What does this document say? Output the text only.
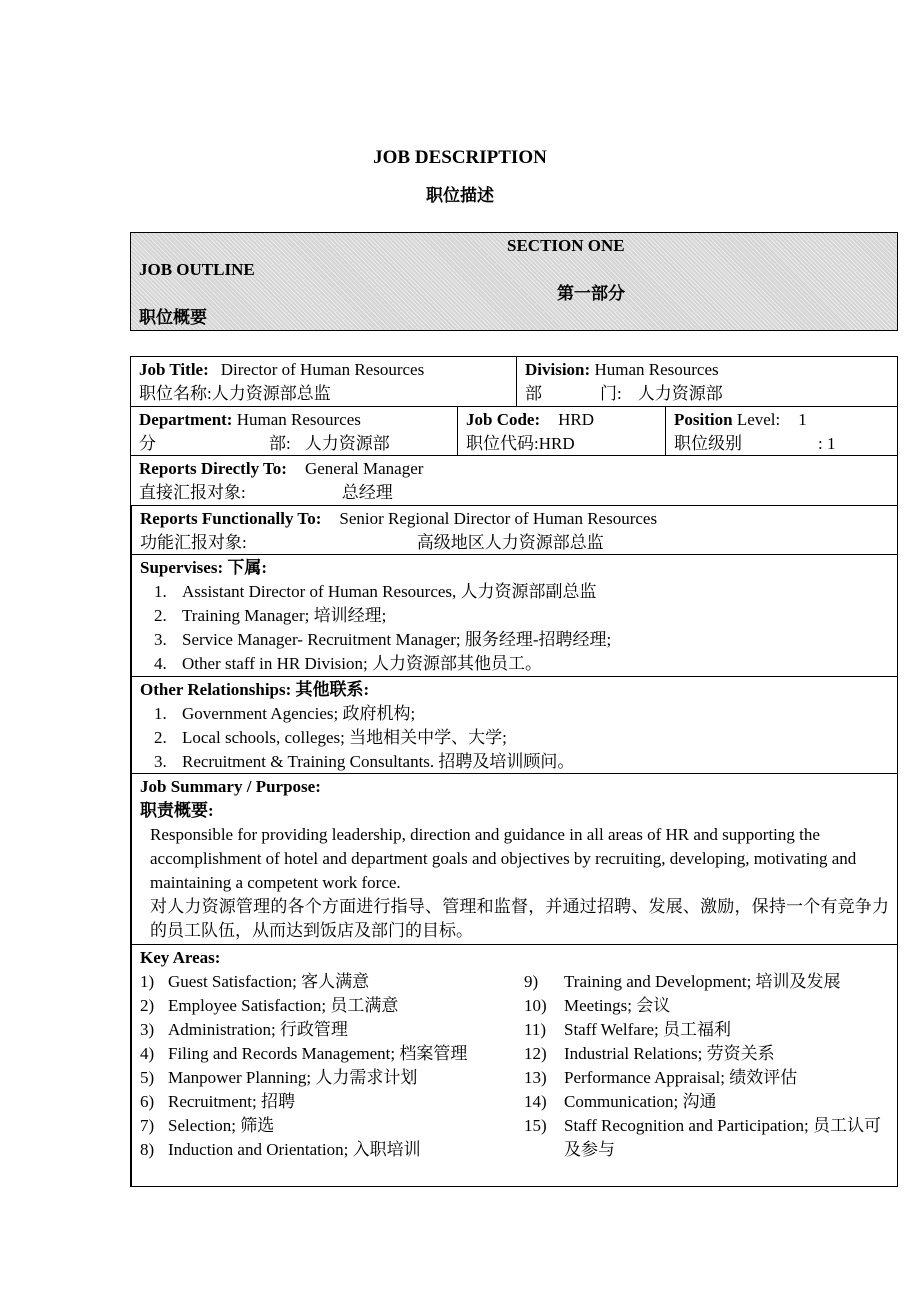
JOB DESCRIPTION
职位描述
SECTION ONE
JOB OUTLINE
第一部分
职位概要
Job Title: Director of Human Resources
职位名称:人力资源部总监
Division: Human Resources
部	门: 人力资源部
Department: Human Resources
分	部: 人力资源部
Job Code: HRD
职位代码:HRD
Position Level: 1
职位级别	: 1
Reports Directly To: General Manager
直接汇报对象:	总经理
Reports Functionally To: Senior Regional Director of Human Resources
功能汇报对象:	高级地区人力资源部总监
Supervises: 下属:
1. Assistant Director of Human Resources, 人力资源部副总监
2. Training Manager; 培训经理;
3. Service Manager- Recruitment Manager; 服务经理-招聘经理;
4. Other staff in HR Division; 人力资源部其他员工。
Other Relationships: 其他联系:
1. Government Agencies; 政府机构;
2. Local schools, colleges; 当地相关中学、大学;
3. Recruitment & Training Consultants. 招聘及培训顾问。
Job Summary / Purpose:
职责概要:

Responsible for providing leadership, direction and guidance in all areas of HR and supporting the accomplishment of hotel and department goals and objectives by recruiting, developing, motivating and maintaining a competent work force.

对人力资源管理的各个方面进行指导、管理和监督，并通过招聘、发展、激励，保持一个有竞争力的员工队伍，从而达到饭店及部门的目标。

Key Areas:
1) Guest Satisfaction; 客人满意
2) Employee Satisfaction; 员工满意
3) Administration; 行政管理
4) Filing and Records Management; 档案管理
5) Manpower Planning; 人力需求计划
6) Recruitment; 招聘
7) Selection; 筛选
8) Induction and Orientation; 入职培训
9)	Training and Development; 培训及发展
10)	Meetings; 会议
11)	Staff Welfare; 员工福利
12)	Industrial Relations; 劳资关系
13)	Performance Appraisal; 绩效评估
14)	Communication; 沟通
15)	Staff Recognition and Participation; 员工认可及参与
